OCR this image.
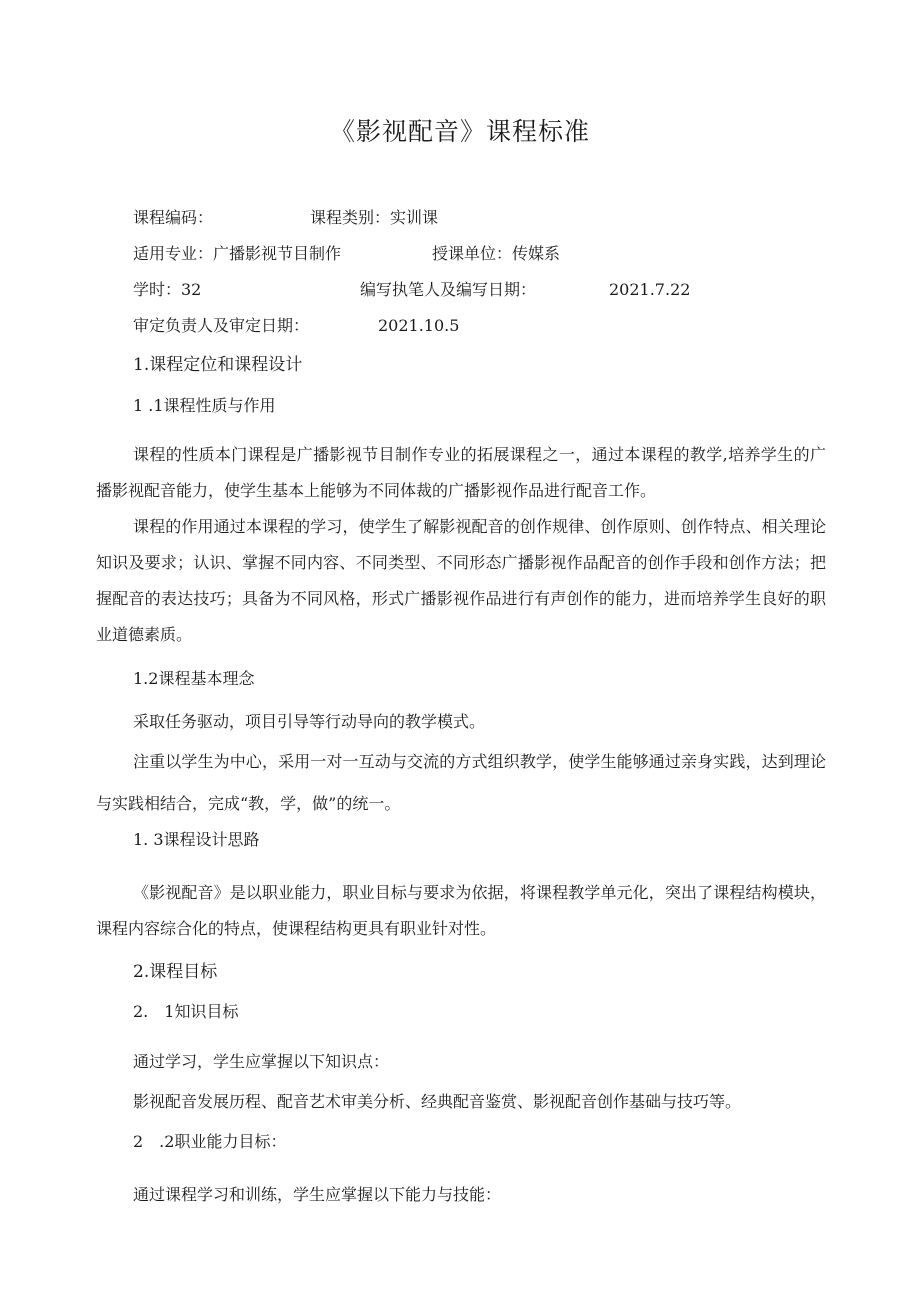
《影视配音》课程标准
课程编码：	课程类别：实训课
适用专业：广播影视节目制作	授课单位：传媒系
学时：32	编写执笔人及编写日期：	2021.7.22
审定负责人及审定日期：	2021.10.5
1.课程定位和课程设计
1 .1课程性质与作用
课程的性质本门课程是广播影视节目制作专业的拓展课程之一，通过本课程的教学,培养学生的广播影视配音能力，使学生基本上能够为不同体裁的广播影视作品进行配音工作。
课程的作用通过本课程的学习，使学生了解影视配音的创作规律、创作原则、创作特点、相关理论知识及要求；认识、掌握不同内容、不同类型、不同形态广播影视作品配音的创作手段和创作方法；把握配音的表达技巧；具备为不同风格，形式广播影视作品进行有声创作的能力，进而培养学生良好的职业道德素质。
1.2课程基本理念
采取任务驱动，项目引导等行动导向的教学模式。
注重以学生为中心，采用一对一互动与交流的方式组织教学，使学生能够通过亲身实践，达到理论与实践相结合，完成“教，学，做”的统一。
1. 3课程设计思路
《影视配音》是以职业能力，职业目标与要求为依据，将课程教学单元化，突出了课程结构模块，课程内容综合化的特点，使课程结构更具有职业针对性。
2.课程目标
2.　1知识目标
通过学习，学生应掌握以下知识点：
影视配音发展历程、配音艺术审美分析、经典配音鉴赏、影视配音创作基础与技巧等。
2　.2职业能力目标：
通过课程学习和训练，学生应掌握以下能力与技能：
